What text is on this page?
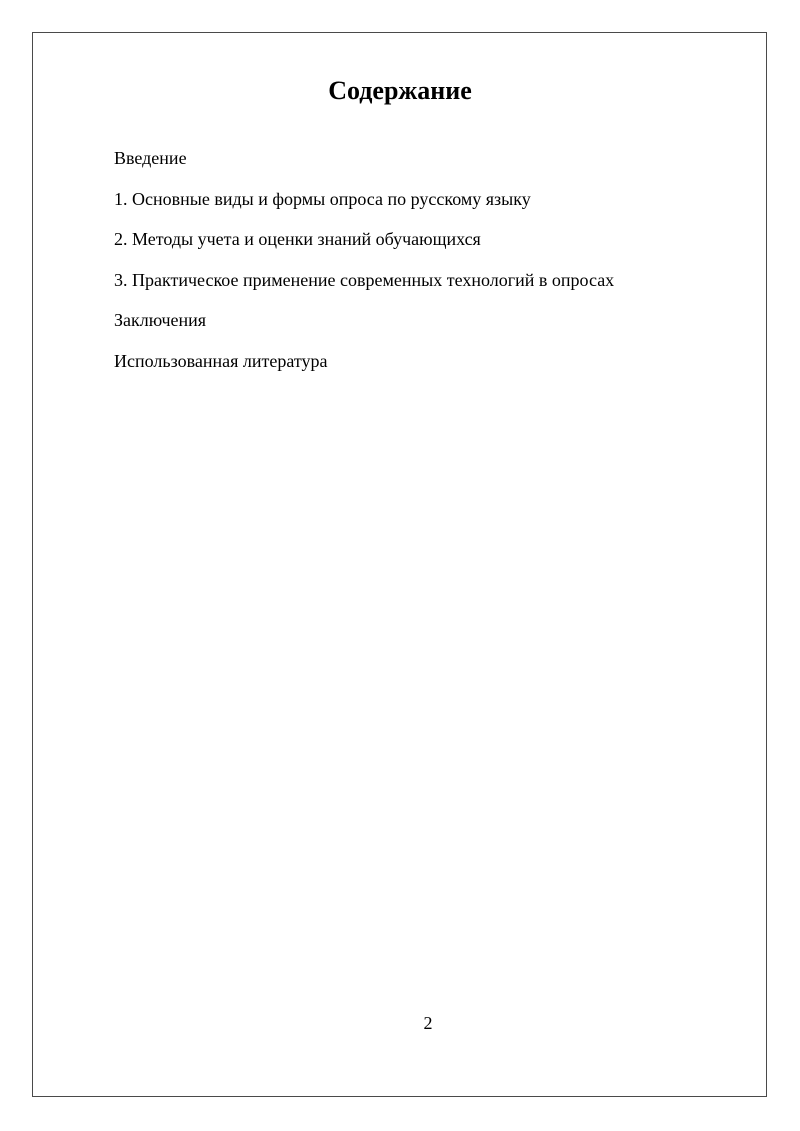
Содержание
Введение
1. Основные виды и формы опроса по русскому языку
2. Методы учета и оценки знаний обучающихся
3. Практическое применение современных технологий в опросах
Заключения
Использованная литература
2
